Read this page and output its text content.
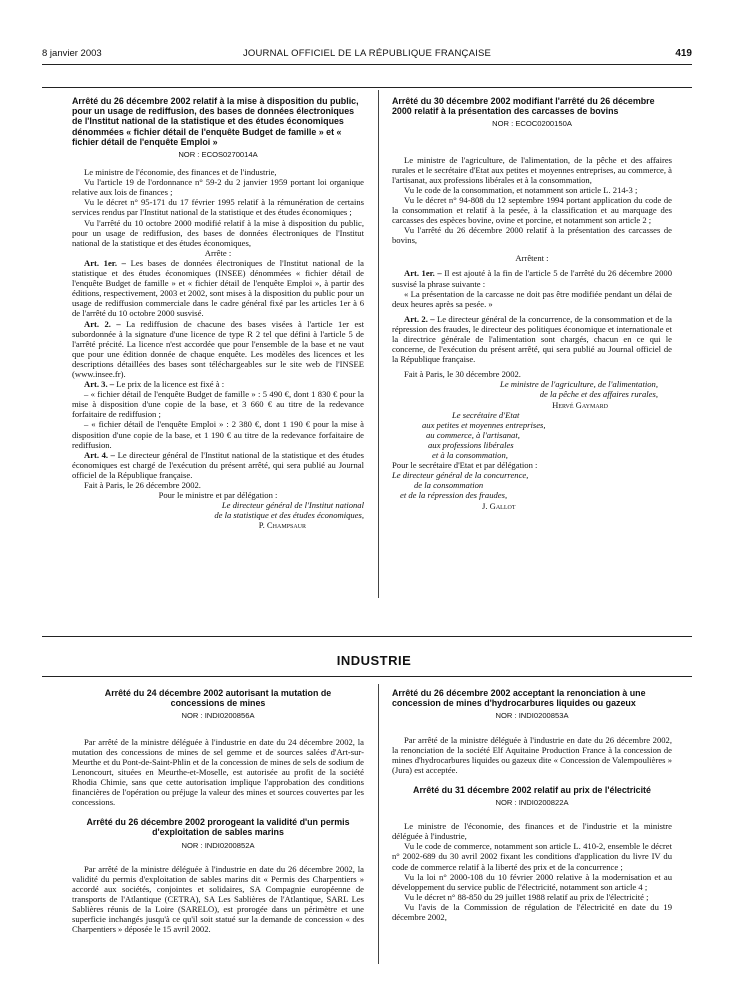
8 janvier 2003	JOURNAL OFFICIEL DE LA RÉPUBLIQUE FRANÇAISE	419
INDUSTRIE
Arrêté du 26 décembre 2002 relatif à la mise à disposition du public, pour un usage de rediffusion, des bases de données électroniques de l'Institut national de la statistique et des études économiques dénommées « fichier détail de l'enquête Budget de famille » et « fichier détail de l'enquête Emploi »
NOR : ECOS0270014A

Le ministre de l'économie, des finances et de l'industrie,

Vu l'article 19 de l'ordonnance n° 59-2 du 2 janvier 1959 portant loi organique relative aux lois de finances ;

Vu le décret n° 95-171 du 17 février 1995 relatif à la rémunération de certains services rendus par l'Institut national de la statistique et des études économiques ;

Vu l'arrêté du 10 octobre 2000 modifié relatif à la mise à disposition du public, pour un usage de rediffusion, des bases de données électroniques de l'Institut national de la statistique et des études économiques,

Arrête :

Art. 1er. – Les bases de données électroniques de l'Institut national de la statistique et des études économiques (INSEE) dénommées « fichier détail de l'enquête Budget de famille » et « fichier détail de l'enquête Emploi », à partir des éditions, respectivement, 2003 et 2002, sont mises à la disposition du public pour un usage de rediffusion commerciale dans le cadre général fixé par les articles 1er à 6 de l'arrêté du 10 octobre 2000 susvisé.

Art. 2. – La rediffusion de chacune des bases visées à l'article 1er est subordonnée à la signature d'une licence de type R 2 tel que défini à l'article 5 de l'arrêté précité. La licence n'est accordée que pour l'ensemble de la base et ne vaut que pour une édition donnée de chaque enquête. Les modèles des licences et les descriptions détaillées des bases sont téléchargeables sur le site web de l'INSEE (www.insee.fr).

Art. 3. – Le prix de la licence est fixé à :

– « fichier détail de l'enquête Budget de famille » : 5 490 €, dont 1 830 € pour la mise à disposition d'une copie de la base, et 3 660 € au titre de la redevance forfaitaire de rediffusion ;

– « fichier détail de l'enquête Emploi » : 2 380 €, dont 1 190 € pour la mise à disposition d'une copie de la base, et 1 190 € au titre de la redevance forfaitaire de rediffusion.

Art. 4. – Le directeur général de l'Institut national de la statistique et des études économiques est chargé de l'exécution du présent arrêté, qui sera publié au Journal officiel de la République française.

Fait à Paris, le 26 décembre 2002.

Pour le ministre et par délégation :

Le directeur général de l'Institut national

de la statistique et des études économiques,

P. Champsaur

Arrêté du 30 décembre 2002 modifiant l'arrêté du 26 décembre 2000 relatif à la présentation des carcasses de bovins
NOR : ECOC0200150A

Le ministre de l'agriculture, de l'alimentation, de la pêche et des affaires rurales et le secrétaire d'Etat aux petites et moyennes entreprises, au commerce, à l'artisanat, aux professions libérales et à la consommation,

Vu le code de la consommation, et notamment son article L. 214-3 ;

Vu le décret n° 94-808 du 12 septembre 1994 portant application du code de la consommation et relatif à la pesée, à la classification et au marquage des carcasses des espèces bovine, ovine et porcine, et notamment son article 2 ;

Vu l'arrêté du 26 décembre 2000 relatif à la présentation des carcasses de bovins,

Arrêtent :

Art. 1er. – Il est ajouté à la fin de l'article 5 de l'arrêté du 26 décembre 2000 susvisé la phrase suivante :

« La présentation de la carcasse ne doit pas être modifiée pendant un délai de deux heures après sa pesée. »

Art. 2. – Le directeur général de la concurrence, de la consommation et de la répression des fraudes, le directeur des politiques économique et internationale et la directrice générale de l'alimentation sont chargés, chacun en ce qui le concerne, de l'exécution du présent arrêté, qui sera publié au Journal officiel de la République française.

Fait à Paris, le 30 décembre 2002.

Le ministre de l'agriculture, de l'alimentation,

de la pêche et des affaires rurales,

Hervé Gaymard

Le secrétaire d'Etat

aux petites et moyennes entreprises,

au commerce, à l'artisanat,

aux professions libérales

et à la consommation,

Pour le secrétaire d'Etat et par délégation :

Le directeur général de la concurrence,

de la consommation

et de la répression des fraudes,

J. Gallot

Arrêté du 24 décembre 2002 autorisant la mutation de concessions de mines
NOR : INDI0200856A

Par arrêté de la ministre déléguée à l'industrie en date du 24 décembre 2002, la mutation des concessions de mines de sel gemme et de sources salées d'Art-sur-Meurthe et du Pont-de-Saint-Phlin et de la concession de mines de sels de sodium de Lenoncourt, situées en Meurthe-et-Moselle, est autorisée au profit de la société Rhodia Chimie, sans que cette autorisation implique l'approbation des conditions financières de l'opération ou préjuge la valeur des mines et sources couvertes par les concessions.

Arrêté du 26 décembre 2002 prorogeant la validité d'un permis d'exploitation de sables marins
NOR : INDI0200852A

Par arrêté de la ministre déléguée à l'industrie en date du 26 décembre 2002, la validité du permis d'exploitation de sables marins dit « Permis des Charpentiers » accordé aux sociétés, conjointes et solidaires, SA Compagnie européenne de transports de l'Atlantique (CETRA), SA Les Sablières de l'Atlantique, SARL Les Sablières réunis de la Loire (SARELO), est prorogée dans un périmètre et une superficie inchangés jusqu'à ce qu'il soit statué sur la demande de concession « des Charpentiers » déposée le 15 avril 2002.

Arrêté du 26 décembre 2002 acceptant la renonciation à une concession de mines d'hydrocarbures liquides ou gazeux
NOR : INDI0200853A

Par arrêté de la ministre déléguée à l'industrie en date du 26 décembre 2002, la renonciation de la société Elf Aquitaine Production France à la concession de mines d'hydrocarbures liquides ou gazeux dite « Concession de Valempoulières » (Jura) est acceptée.

Arrêté du 31 décembre 2002 relatif au prix de l'électricité
NOR : INDI0200822A

Le ministre de l'économie, des finances et de l'industrie et la ministre déléguée à l'industrie,

Vu le code de commerce, notamment son article L. 410-2, ensemble le décret n° 2002-689 du 30 avril 2002 fixant les conditions d'application du livre IV du code de commerce relatif à la liberté des prix et de la concurrence ;

Vu la loi n° 2000-108 du 10 février 2000 relative à la modernisation et au développement du service public de l'électricité, notamment son article 4 ;

Vu le décret n° 88-850 du 29 juillet 1988 relatif au prix de l'électricité ;

Vu l'avis de la Commission de régulation de l'électricité en date du 19 décembre 2002,
